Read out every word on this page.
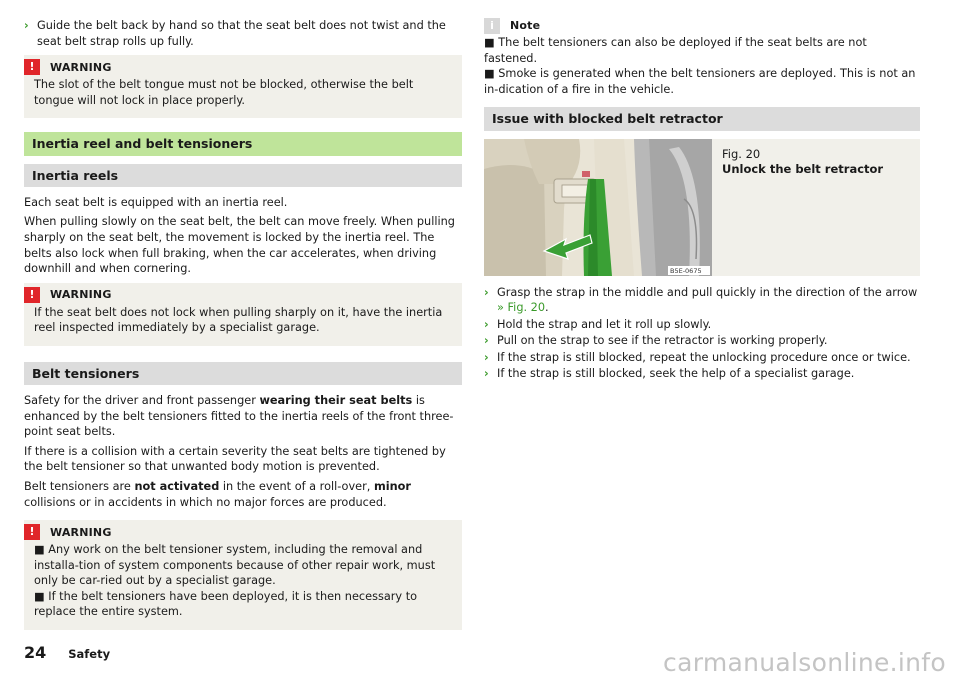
› Guide the belt back by hand so that the seat belt does not twist and the seat belt strap rolls up fully.
!	WARNING

The slot of the belt tongue must not be blocked, otherwise the belt tongue will not lock in place properly.

Inertia reel and belt tensioners
Inertia reels

Each seat belt is equipped with an inertia reel.

When pulling slowly on the seat belt, the belt can move freely. When pulling sharply on the seat belt, the movement is locked by the inertia reel. The belts also lock when full braking, when the car accelerates, when driving downhill and when cornering.

!	WARNING

If the seat belt does not lock when pulling sharply on it, have the inertia reel inspected immediately by a specialist garage.

Belt tensioners

Safety for the driver and front passenger wearing their seat belts is enhanced by the belt tensioners fitted to the inertia reels of the front three-point seat belts.

If there is a collision with a certain severity the seat belts are tightened by the belt tensioner so that unwanted body motion is prevented.

Belt tensioners are not activated in the event of a roll-over, minor collisions or in accidents in which no major forces are produced.

!	WARNING

■ Any work on the belt tensioner system, including the removal and installa-tion of system components because of other repair work, must only be car-ried out by a specialist garage.

■ If the belt tensioners have been deployed, it is then necessary to replace the entire system.

i	Note

■ The belt tensioners can also be deployed if the seat belts are not fastened.

■ Smoke is generated when the belt tensioners are deployed. This is not an in-dication of a fire in the vehicle.

Issue with blocked belt retractor
B5E-0675
Fig. 20
Unlock the belt retractor
› Grasp the strap in the middle and pull quickly in the direction of the arrow » Fig. 20.
› Hold the strap and let it roll up slowly.
› Pull on the strap to see if the retractor is working properly.
› If the strap is still blocked, repeat the unlocking procedure once or twice.
› If the strap is still blocked, seek the help of a specialist garage.
24 Safety	carmanualsonline.info
